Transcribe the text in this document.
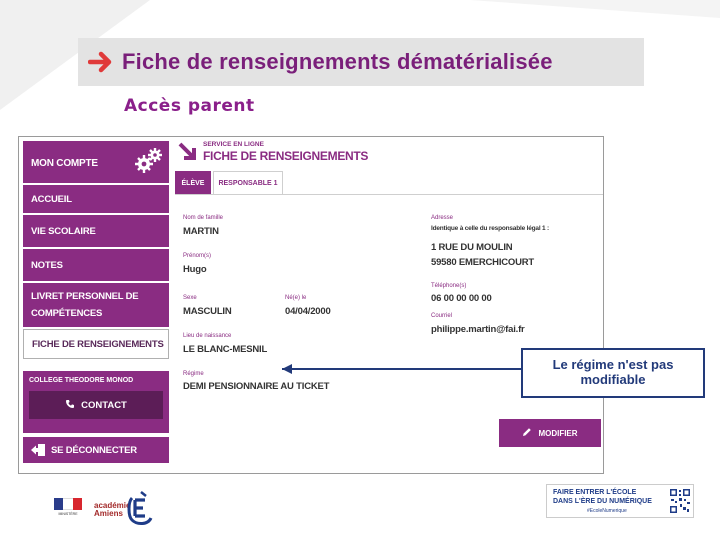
Fiche de renseignements dématérialisée
Accès parent
MON COMPTE
ACCUEIL
VIE SCOLAIRE
NOTES
LIVRET PERSONNEL DE
COMPÉTENCES
FICHE DE RENSEIGNEMENTS
COLLEGE THEODORE MONOD
CONTACT
SE DÉCONNECTER
SERVICE EN LIGNE
FICHE DE RENSEIGNEMENTS
ÉLÈVE RESPONSABLE 1
Nom de famille
MARTIN
Prénom(s)
Hugo
Sexe
MASCULIN
Né(e) le
04/04/2000
Lieu de naissance
LE BLANC-MESNIL
Régime
DEMI PENSIONNAIRE AU TICKET
Adresse
Identique à celle du responsable légal 1 :
1 RUE DU MOULIN
59580 EMERCHICOURT
Téléphone(s)
06 00 00 00 00
Courriel
philippe.martin@fai.fr
MODIFIER
Le régime n'est pas
modifiable
MINISTÈRE
académie
Amiens
FAIRE ENTRER L'ÉCOLE
DANS L'ÈRE DU NUMÉRIQUE
#EcoleNumerique
